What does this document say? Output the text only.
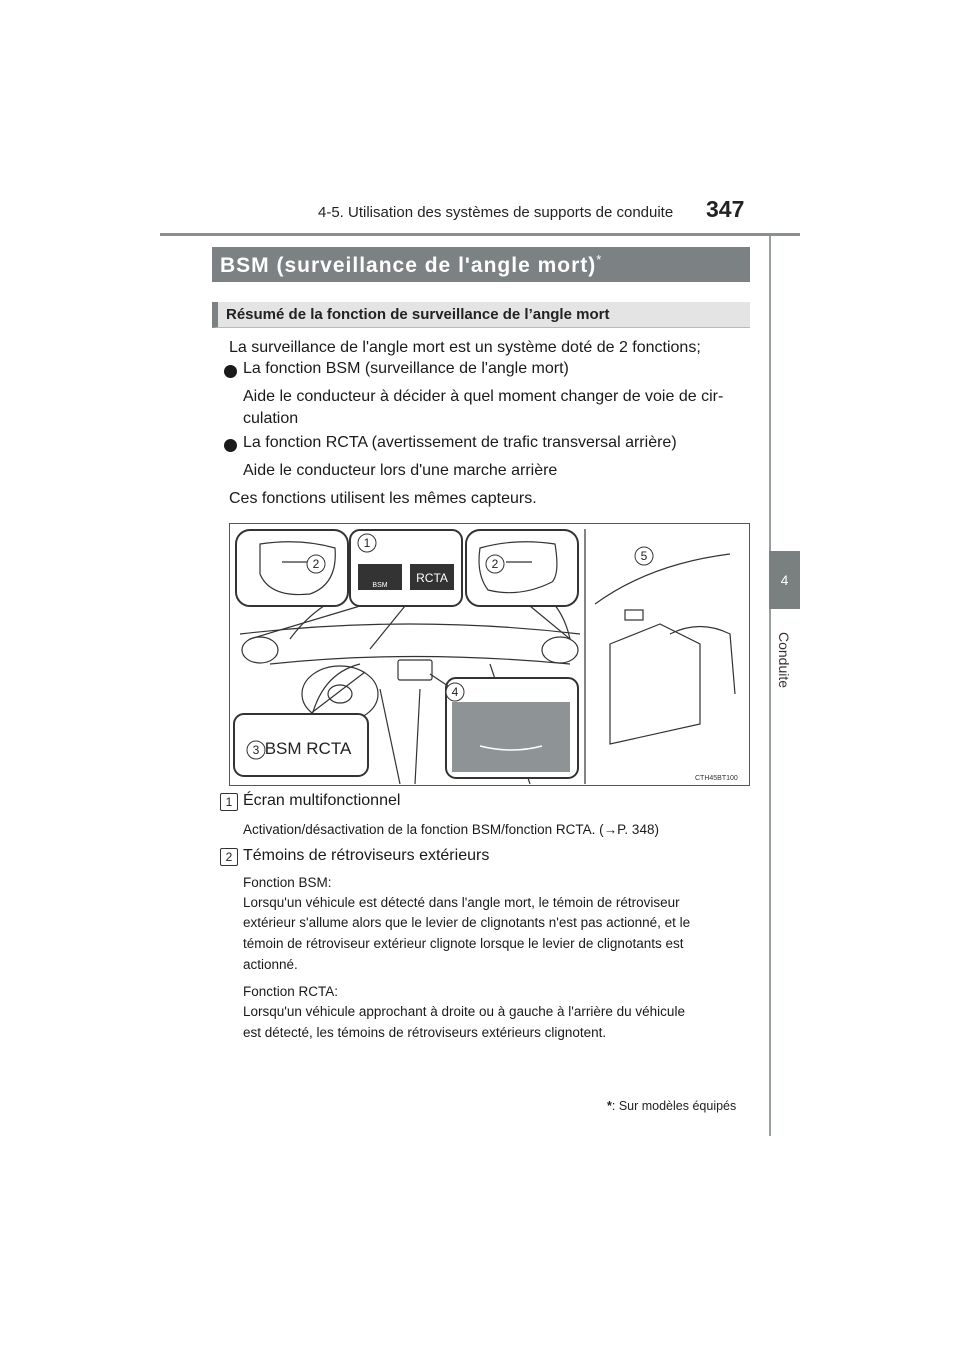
4-5. Utilisation des systèmes de supports de conduite 347
4
Conduite
BSM (surveillance de l'angle mort)*
Résumé de la fonction de surveillance de l’angle mort
La surveillance de l'angle mort est un système doté de 2 fonctions;
La fonction BSM (surveillance de l'angle mort)
Aide le conducteur à décider à quel moment changer de voie de cir-
culation
La fonction RCTA (avertissement de trafic transversal arrière)
Aide le conducteur lors d'une marche arrière
Ces fonctions utilisent les mêmes capteurs.
BSM
RCTA
BSM RCTA
1
2	2
3
4
5
CTH45BT100
1 Écran multifonctionnel
Activation/désactivation de la fonction BSM/fonction RCTA. (→P. 348)
2 Témoins de rétroviseurs extérieurs
Fonction BSM:
Lorsqu'un véhicule est détecté dans l'angle mort, le témoin de rétroviseur
extérieur s'allume alors que le levier de clignotants n'est pas actionné, et le
témoin de rétroviseur extérieur clignote lorsque le levier de clignotants est
actionné.
Fonction RCTA:
Lorsqu'un véhicule approchant à droite ou à gauche à l'arrière du véhicule
est détecté, les témoins de rétroviseurs extérieurs clignotent.
*: Sur modèles équipés
